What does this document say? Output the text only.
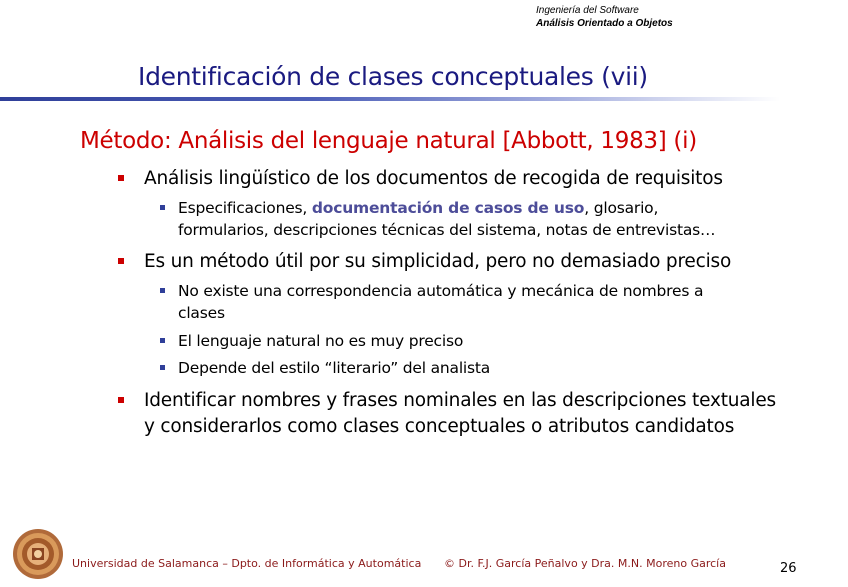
Ingeniería del Software
Análisis Orientado a Objetos
Identificación de clases conceptuales (vii)
Método: Análisis del lenguaje natural [Abbott, 1983] (i)
Análisis lingüístico de los documentos de recogida de requisitos
Especificaciones, documentación de casos de uso, glosario,
formularios, descripciones técnicas del sistema, notas de entrevistas…
Es un método útil por su simplicidad, pero no demasiado preciso
No existe una correspondencia automática y mecánica de nombres a
clases
El lenguaje natural no es muy preciso
Depende del estilo “literario” del analista
Identificar nombres y frases nominales en las descripciones textuales
y considerarlos como clases conceptuales o atributos candidatos
Universidad de Salamanca – Dpto. de Informática y Automática © Dr. F.J. García Peñalvo y Dra. M.N. Moreno García	26
